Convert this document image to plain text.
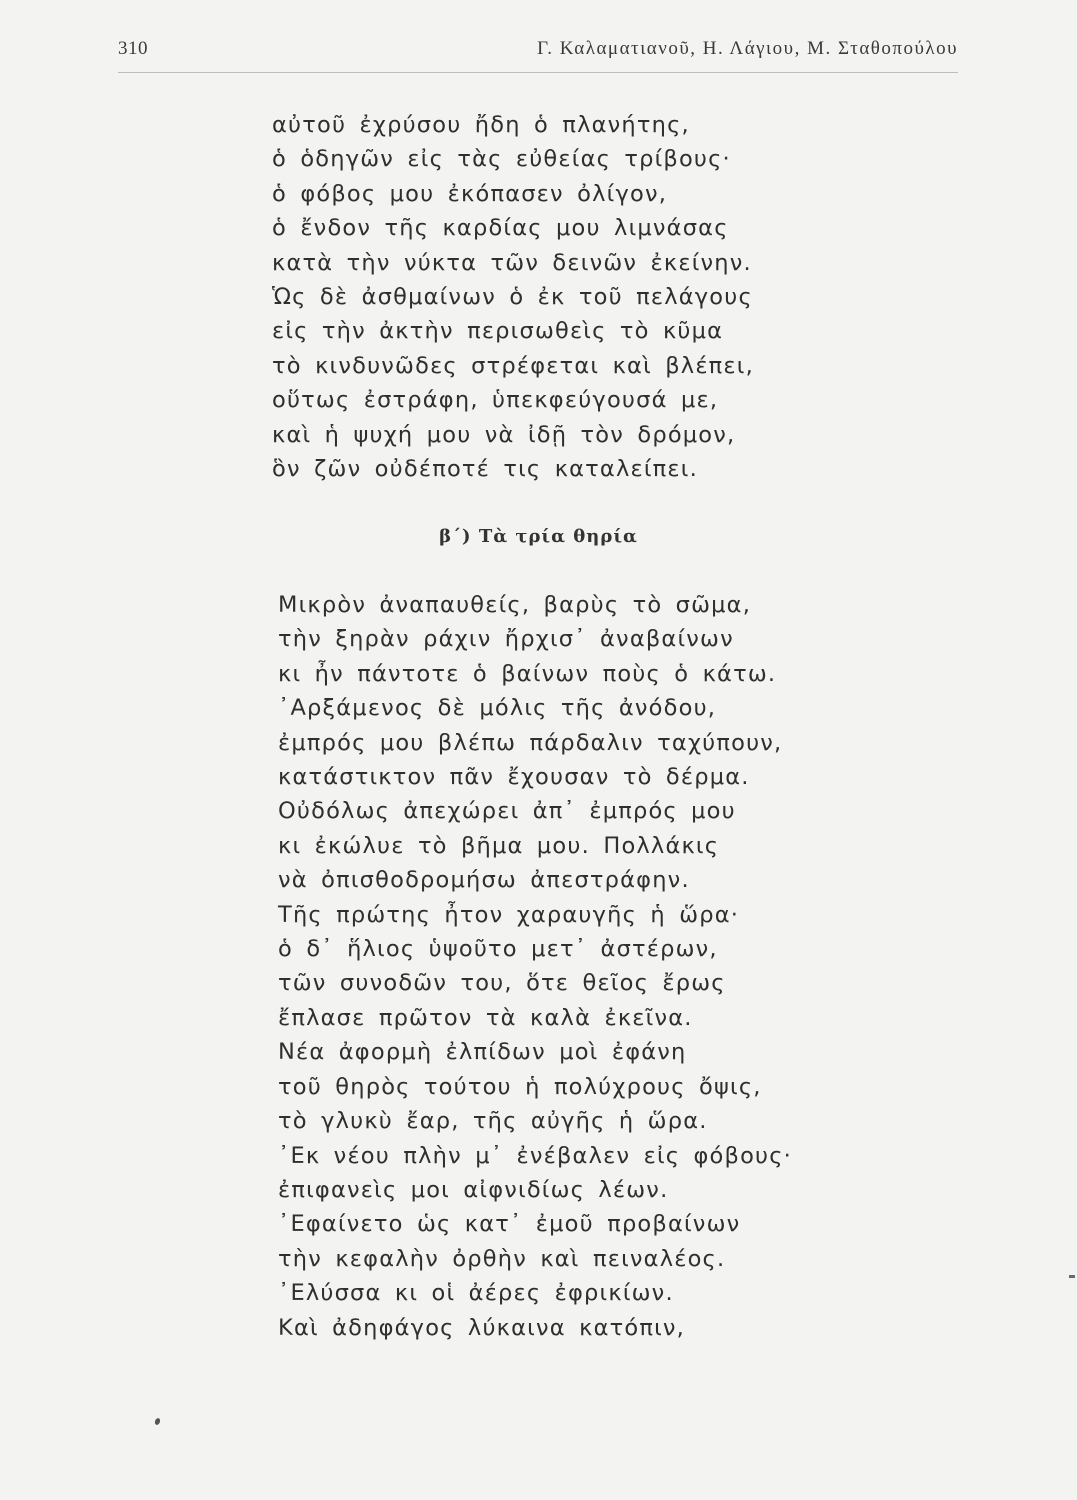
310	Γ. Καλαματιανοῦ, Η. Λάγιου, Μ. Σταθοπούλου
αὐτοῦ ἐχρύσου ἤδη ὁ πλανήτης,
ὁ ὁδηγῶν εἰς τὰς εὐθείας τρίβους·
ὁ φόβος μου ἐκόπασεν ὀλίγον,
ὁ ἔνδον τῆς καρδίας μου λιμνάσας
κατὰ τὴν νύκτα τῶν δεινῶν ἐκείνην.
Ὡς δὲ ἀσθμαίνων ὁ ἐκ τοῦ πελάγους
εἰς τὴν ἀκτὴν περισωθεὶς τὸ κῦμα
τὸ κινδυνῶδες στρέφεται καὶ βλέπει,
οὕτως ἐστράφη, ὑπεκφεύγουσά με,
καὶ ἡ ψυχή μου νὰ ἰδῇ τὸν δρόμον,
ὃν ζῶν οὐδέποτέ τις καταλείπει.
β΄) Τὰ τρία θηρία
Μικρὸν ἀναπαυθείς, βαρὺς τὸ σῶμα,
τὴν ξηρὰν ράχιν ἤρχισ᾽ ἀναβαίνων
κι ἦν πάντοτε ὁ βαίνων ποὺς ὁ κάτω.
᾽Αρξάμενος δὲ μόλις τῆς ἀνόδου,
ἐμπρός μου βλέπω πάρδαλιν ταχύπουν,
κατάστικτον πᾶν ἔχουσαν τὸ δέρμα.
Οὐδόλως ἀπεχώρει ἀπ᾽ ἐμπρός μου
κι ἐκώλυε τὸ βῆμα μου. Πολλάκις
νὰ ὀπισθοδρομήσω ἀπεστράφην.
Τῆς πρώτης ἦτον χαραυγῆς ἡ ὥρα·
ὁ δ᾽ ἥλιος ὑψοῦτο μετ᾽ ἀστέρων,
τῶν συνοδῶν του, ὅτε θεῖος ἔρως
ἔπλασε πρῶτον τὰ καλὰ ἐκεῖνα.
Νέα ἀφορμὴ ἐλπίδων μοὶ ἐφάνη
τοῦ θηρὸς τούτου ἡ πολύχρους ὄψις,
τὸ γλυκὺ ἔαρ, τῆς αὐγῆς ἡ ὥρα.
᾽Εκ νέου πλὴν μ᾽ ἐνέβαλεν εἰς φόβους·
ἐπιφανεὶς μοι αἰφνιδίως λέων.
᾽Εφαίνετο ὡς κατ᾽ ἐμοῦ προβαίνων
τὴν κεφαλὴν ὀρθὴν καὶ πειναλέος.
᾽Ελύσσα κι οἱ ἀέρες ἐφρικίων.
Καὶ ἀδηφάγος λύκαινα κατόπιν,
